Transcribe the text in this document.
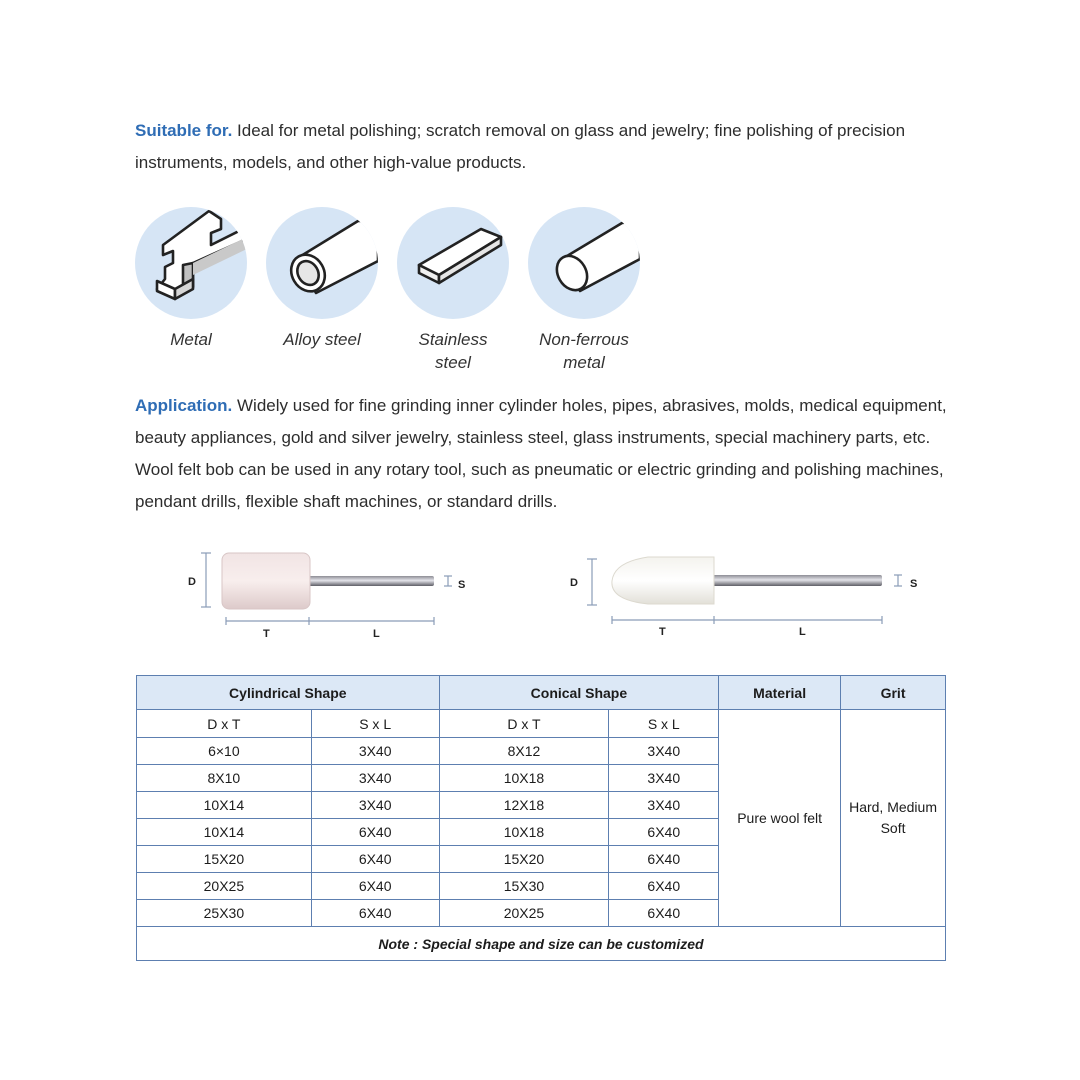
Suitable for. Ideal for metal polishing; scratch removal on glass and jewelry; fine polishing of precision instruments, models, and other high-value products.
Metal	Alloy steel	Stainless
steel
Non-ferrous
metal
Application. Widely used for fine grinding inner cylinder holes, pipes, abrasives, molds, medical equipment, beauty appliances, gold and silver jewelry, stainless steel, glass instruments, special machinery parts, etc. Wool felt bob can be used in any rotary tool, such as pneumatic or electric grinding and polishing machines, pendant drills, flexible shaft machines, or standard drills.
D	S
T	L
D	S
T	L
Cylindrical Shape		Conical Shape		Material	Grit
D x T	S x L	D x T	S x L	Pure wool felt	Hard, Medium
Soft

6×10	3X40	8X12	3X40		
8X10	3X40	10X18	3X40		
10X14	3X40	12X18	3X40		
10X14	6X40	10X18	6X40		
15X20	6X40	15X20	6X40		
20X25	6X40	15X30	6X40		
25X30	6X40	20X25	6X40		
Note : Special shape and size can be customized					
